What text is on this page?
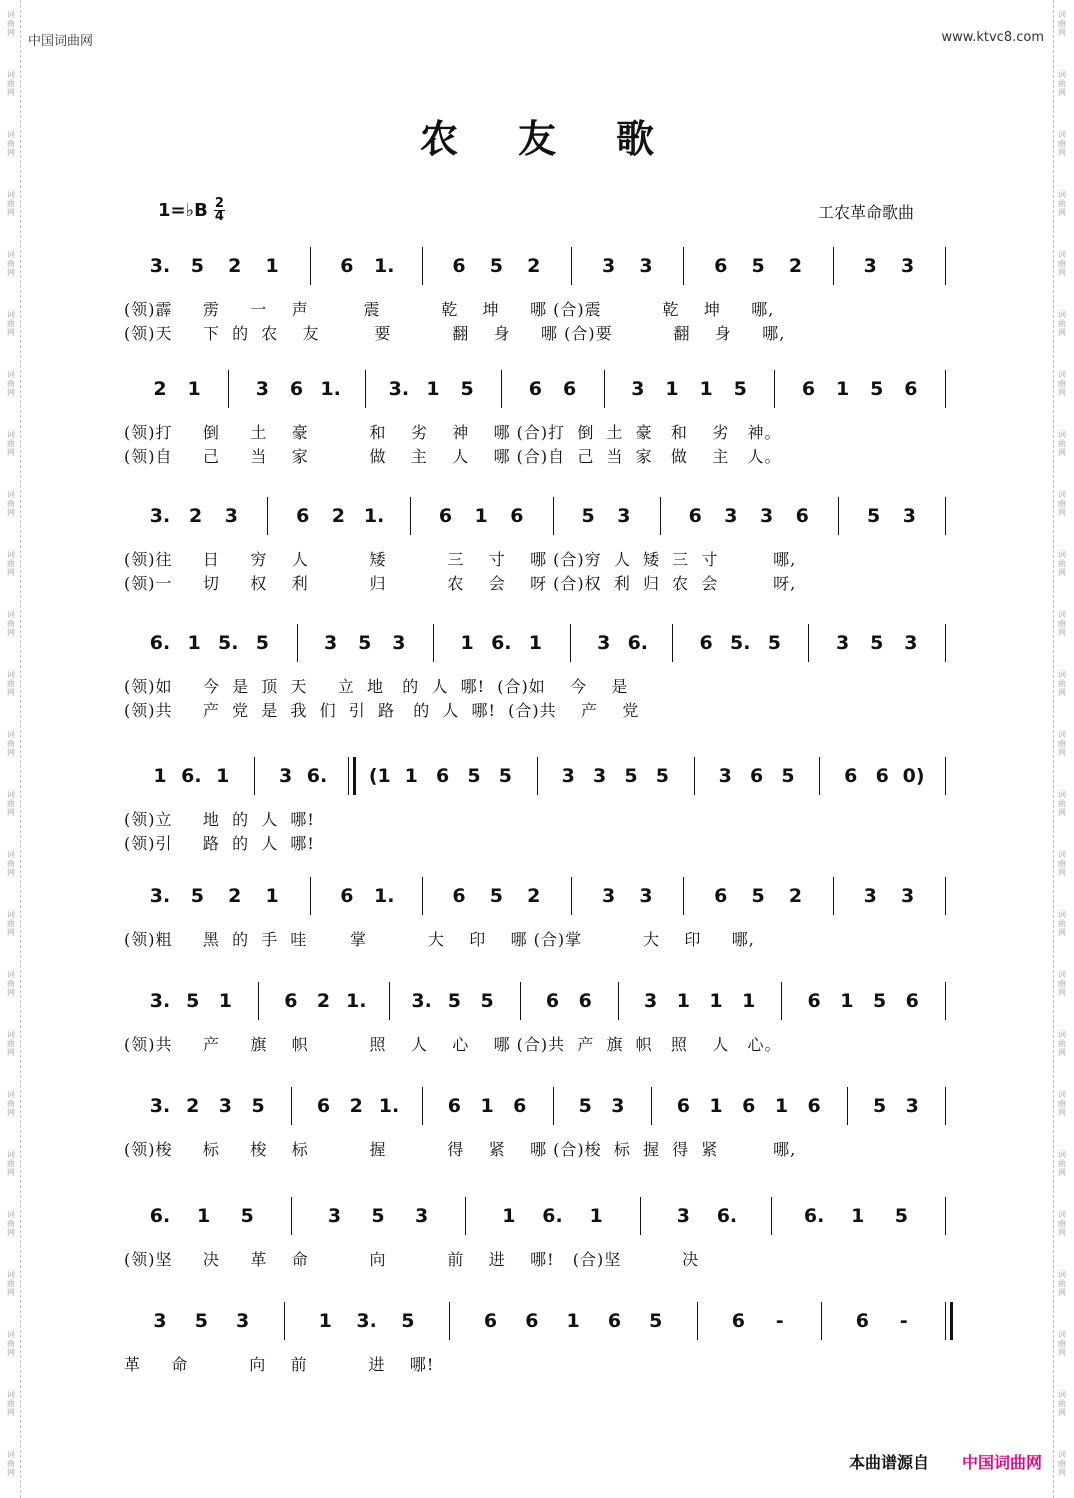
词
曲
网
词
曲
网
词
曲
网
词
曲
网
词
曲
网
词
曲
网
词
曲
网
词
曲
网
词
曲
网
词
曲
网
词
曲
网
词
曲
网
词
曲
网
词
曲
网
词
曲
网
词
曲
网
词
曲
网
词
曲
网
词
曲
网
词
曲
网
词
曲
网
词
曲
网
词
曲
网
词
曲
网
词
曲
网
词
曲
网
词
曲
网
词
曲
网
词
曲
网
词
曲
网
词
曲
网
词
曲
网
词
曲
网
词
曲
网
词
曲
网
词
曲
网
词
曲
网
词
曲
网
词
曲
网
词
曲
网
词
曲
网
词
曲
网
词
曲
网
词
曲
网
词
曲
网
词
曲
网
词
曲
网
词
曲
网
词
曲
网
词
曲
网
中国词曲网	www.ktvc8.com
农友歌
1=♭B $\frac{2}{4}$	工农革命歌曲
3. 5 2 1	6 1.	6 5 2	3 3	6 5 2	3 3
(领)霹     雳     一    声         震          乾    坤     哪 (合)震          乾    坤     哪,
(领)天     下  的  农    友         要          翻    身     哪 (合)要          翻    身     哪,
2 1	3 6 1.	3. 1 5	6 6	3 1 1 5	6 1 5 6
(领)打     倒     土    豪          和    劣    神    哪 (合)打  倒  土  豪   和    劣   神。
(领)自     己     当    家          做    主    人    哪 (合)自  己  当  家   做    主   人。
3. 2 3	6 2 1.	6 1 6	5 3	6 3 3 6	5 3
(领)往     日     穷    人          矮          三    寸    哪 (合)穷  人  矮  三  寸         哪,
(领)一     切     权    利          归          农    会    呀 (合)权  利  归  农  会         呀,
6. 1 5. 5	3 5 3	1 6. 1	3 6.	6 5. 5	3 5 3
(领)如     今  是  顶  天     立  地   的  人  哪!  (合)如    今    是
(领)共     产  党  是  我  们  引  路   的  人  哪!  (合)共    产    党
1 6. 1	3 6. (1 1 6 5 5	3 3 5 5	3 6 5	6 6 0)
(领)立     地  的  人  哪!
(领)引     路  的  人  哪!
3. 5 2 1	6 1.	6 5 2	3 3	6 5 2	3 3
(领)粗     黑  的  手  哇       掌          大    印    哪 (合)掌          大    印     哪,
3. 5 1	6 2 1. 3. 5 5	6 6	3 1 1 1	6 1 5 6
(领)共     产     旗    帜          照    人    心    哪 (合)共  产  旗  帜   照    人   心。
3. 2 3 5	6 2 1.	6 1 6	5 3	6 1 6 1 6	5 3
(领)梭     标     梭    标          握          得    紧    哪 (合)梭  标  握  得  紧         哪,
6. 1 5	3 5 3	1 6. 1	3 6.	6. 1 5
(领)坚     决     革    命          向          前    进    哪!   (合)坚          决
3 5 3	1 3. 5	6 6 1 6 5	6 -	6 -
革     命          向    前          进    哪!
本曲谱源自 中国词曲网
